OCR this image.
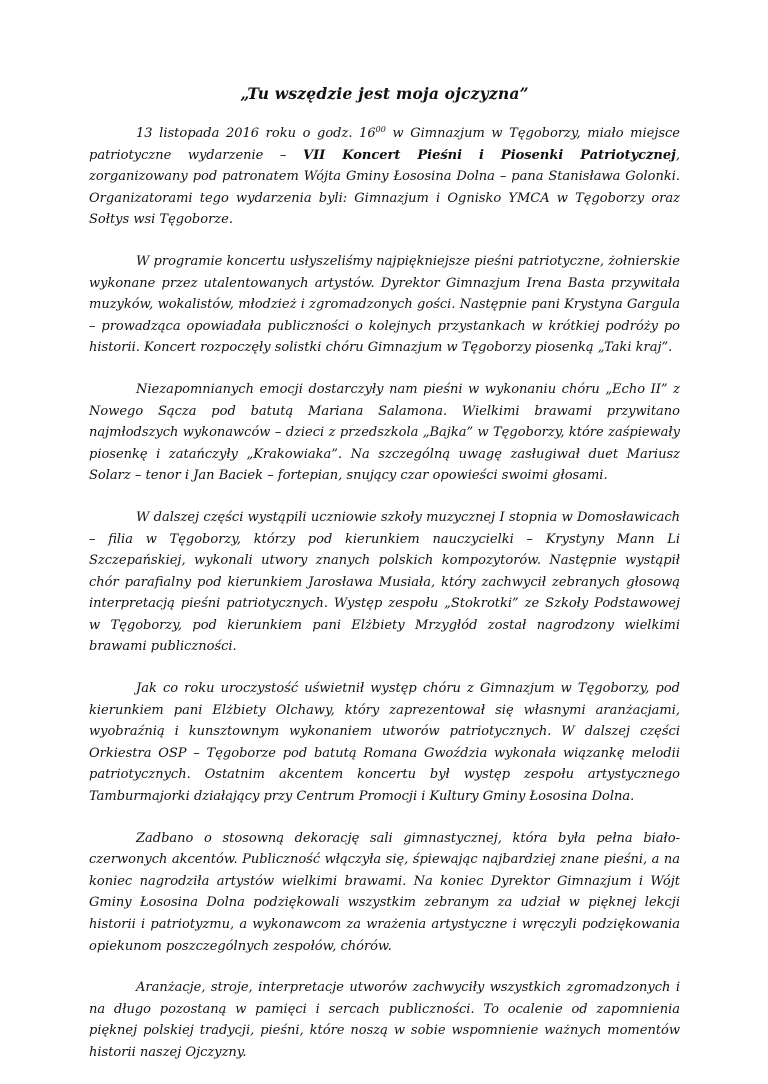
„Tu wszędzie jest moja ojczyzna”

13 listopada 2016 roku o godz. $16^{00}$ w Gimnazjum w Tęgoborzy, miało miejsce patriotyczne wydarzenie – VII Koncert Pieśni i Piosenki Patriotycznej, zorganizowany pod patronatem Wójta Gminy Łososina Dolna – pana Stanisława Golonki. Organizatorami tego wydarzenia byli: Gimnazjum i Ognisko YMCA w Tęgoborzy oraz Sołtys wsi Tęgoborze.

W programie koncertu usłyszeliśmy najpiękniejsze pieśni patriotyczne, żołnierskie wykonane przez utalentowanych artystów. Dyrektor Gimnazjum Irena Basta przywitała muzyków, wokalistów, młodzież i zgromadzonych gości. Następnie pani Krystyna Gargula – prowadząca opowiadała publiczności o kolejnych przystankach w krótkiej podróży po historii. Koncert rozpoczęły solistki chóru Gimnazjum w Tęgoborzy piosenką „Taki kraj”.

Niezapomnianych emocji dostarczyły nam pieśni w wykonaniu chóru „Echo II” z Nowego Sącza pod batutą Mariana Salamona. Wielkimi brawami przywitano najmłodszych wykonawców – dzieci z przedszkola „Bajka” w Tęgoborzy, które zaśpiewały piosenkę i zatańczyły „Krakowiaka”. Na szczególną uwagę zasługiwał duet Mariusz Solarz – tenor i Jan Baciek – fortepian, snujący czar opowieści swoimi głosami.

W dalszej części wystąpili uczniowie szkoły muzycznej I stopnia w Domosławicach – filia w Tęgoborzy, którzy pod kierunkiem nauczycielki – Krystyny Mann Li Szczepańskiej, wykonali utwory znanych polskich kompozytorów. Następnie wystąpił chór parafialny pod kierunkiem Jarosława Musiała, który zachwycił zebranych głosową interpretacją pieśni patriotycznych. Występ zespołu „Stokrotki” ze Szkoły Podstawowej w Tęgoborzy, pod kierunkiem pani Elżbiety Mrzygłód został nagrodzony wielkimi brawami publiczności.

Jak co roku uroczystość uświetnił występ chóru z Gimnazjum w Tęgoborzy, pod kierunkiem pani Elżbiety Olchawy, który zaprezentował się własnymi aranżacjami, wyobraźnią i kunsztownym wykonaniem utworów patriotycznych. W dalszej części Orkiestra OSP – Tęgoborze pod batutą Romana Gwoździa wykonała wiązankę melodii patriotycznych. Ostatnim akcentem koncertu był występ zespołu artystycznego Tamburmajorki działający przy Centrum Promocji i Kultury Gminy Łososina Dolna.

Zadbano o stosowną dekorację sali gimnastycznej, która była pełna biało-czerwonych akcentów. Publiczność włączyła się, śpiewając najbardziej znane pieśni, a na koniec nagrodziła artystów wielkimi brawami. Na koniec Dyrektor Gimnazjum i Wójt Gminy Łososina Dolna podziękowali wszystkim zebranym za udział w pięknej lekcji historii i patriotyzmu, a wykonawcom za wrażenia artystyczne i wręczyli podziękowania opiekunom poszczególnych zespołów, chórów.

Aranżacje, stroje, interpretacje utworów zachwyciły wszystkich zgromadzonych i na długo pozostaną w pamięci i sercach publiczności. To ocalenie od zapomnienia pięknej polskiej tradycji, pieśni, które noszą w sobie wspomnienie ważnych momentów historii naszej Ojczyzny.
